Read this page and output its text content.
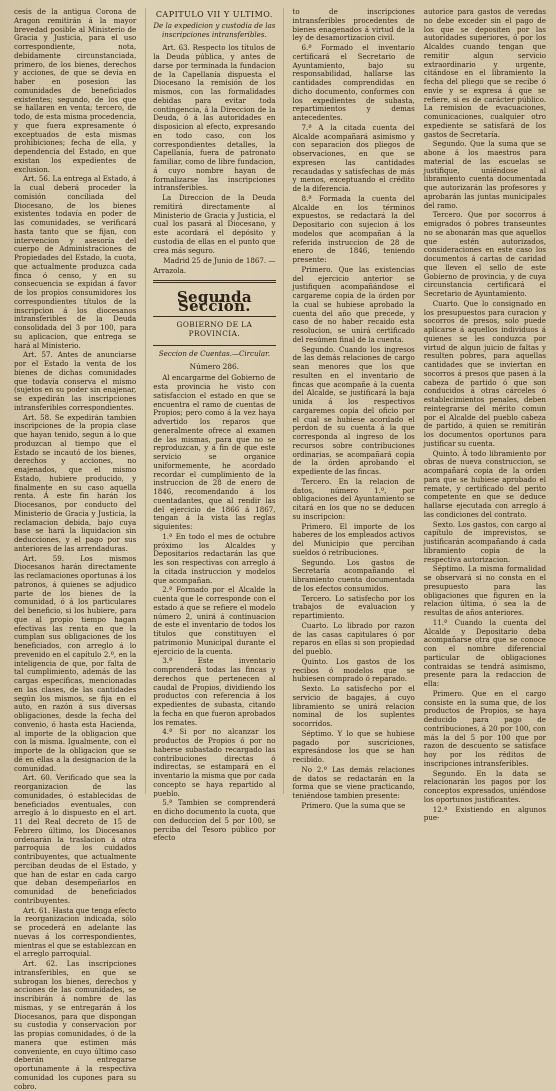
cesis de la antigua Corona de Aragon remitirán á la mayor brevedad posible al Ministerio de Gracia y Justicia, para el uso correspondiente, nota, debidamente circunstanciada, primero, de los bienes, derechos y acciones, de que se devia en haber en posesion las comunidades de beneficiados existentes; segundo, de los que se hallaren en venta; tercero, de todo, de esta misma procedencia, y que fuera expresamente ó exceptuados de esta mismas prohibiciones; fecha de ella, y dependencia del Estado, en que existan los expedientes de exclusion.

Art. 56. La entrega al Estado, á la cual deberá proceder la comisión conciliada del Diocesano, de los bienes existentes todavía en poder de las comunidades, se verificará hasta tanto que se fijan, con intervencion y asesoría del cuerpo de Administraciones de Propiedades del Estado, la cuota, que actualmente produzca cada finca ó censo, y en su consecuencia se expidan á favor de los propios consumidores los correspondientes títulos de la inscripcion á los diocesanos intransferibles de la Deuda consolidada del 3 por 100, para su aplicacion, que entrega se hará al Ministerio.

Art. 57. Antes de anunciarse por el Estado la venta de los bienes de dichas comunidades que todavía conserva el mismo (sujetos en su poder sin enajenar, se expedirán las inscripciones intransferibles correspondientes.

Art. 58. Se expedirán tambien inscripciones de la propia clase que hayan tenido, segun á lo que produzcan al tiempo que el Estado se incautó de los bienes, derechos y acciones, no enajenados, que el mismo Estado, hubiere producido, y finalmente en su caso aquella renta. Á este fin harán los Diocesanos, por conducto del Ministerio de Gracia y Justicia, la reclamacion debida, bajo cuya base se hará la liquidacion sin deducciones, y el pago por sus anteriores de las arrendaduras.

Art. 59. Los mismos Diocesanos harán directamente las reclamaciones oportunas á los patronos, á quienes se adjudico parte de los bienes de la comunidad, ó á los particulares del beneficio, si los hubiere, para que al propio tiempo hagan efectivas las renta en que la cumplan sus obligaciones de los beneficiados, con arreglo á lo prevenido en el capítulo 2.º, en la inteligencia de que, por falta de tal cumplimiento, además de las cargas especificas, mencionadas en las clases, de las cantidades según los mismos, se fija en el auto, en razón á sus diversas obligaciones, desde la fecha del convenio, ó hasta esta Hacienda, al importe de la obligacion que con la misma. Igualmente, con el importe de la obligacion que se dé en ellas a la designacion de la comunidad.

Art. 60. Verificado que sea la reorganizacion de las comunidades, ó establecidas de beneficiados eventuales, con arreglo á lo dispuesto en el art. 11 del Real decreto de 15 de Febrero último, los Diocesanos ordenarán la traslacion á otra parroquia de los cuidados contribuyentes, que actualmente perciban deudas de el Estado, y que han de estar en cada cargo que deban desempeñarlos en comunidad de beneficiados contribuyentes.

Art. 61. Hasta que tenga efecto la reorganizacion indicada, sólo se procederá en adelante las nuevas á los correspondientes, mientras el que se establezcan en el arreglo parroquial.

Art. 62. Las inscripciones intransferibles, en que se subrogan los bienes, derechos y acciones de las comunidades, se inscribirán á nombre de las mismas, y se entregarán á los Diocesanos, para que dispongan su custodia y conservacion por las propias comunidades, ó de la manera que estimen más conveniente, en cuyo último caso deberán entregarse oportunamente á la respectiva comunidad los cupones para su cobro.

CAPITULO VII Y ULTIMO.
De la expedicion y custodia de las inscripciones intransferibles.

Art. 63. Respecto los títulos de la Deuda pública, y antes de darse por terminada la fundacion de la Capellanía dispuesta el Diocesano la remisión de los mismos, con las formalidades debidas para evitar toda contingencia, á la Direccion de la Deuda, ó á las autoridades en disposicion al efecto, expresando en todo caso, con los correspondientes detalles, la Capellanía, fuera de patronato familiar, como de libre fundacion, á cuyo nombre hayan de formalizarse las inscripciones intransferibles.

La Direccion de la Deuda remitirá directamente al Ministerio de Gracia y Justicia, el cual los pasará al Diocesano, y este acordará el depósito y custodia de ellas en el punto que crea más seguro.

Madrid 25 de Junio de 1867. —
Arrazola.
Segunda Seccion.
GOBIERNO DE LA PROVINCIA.
Seccion de Cuentas.—Circular.
Número 286.

Al encargarme del Gobierno de esta provincia he visto con satisfaccion el estado en que se encuentra el ramo de cuentas de Propios; pero como á la vez haya advertido los reparos que generalmente ofrece al examen de las mismas, para que no se reproduzcan, y á fin de que este servicio se organice uniformemente, he acordado recordar el cumplimiento de la instruccion de 28 de enero de 1846, recomendando á los cuentadantes, que al rendir las del ejercicio de 1866 á 1867, tengan á la vista las reglas siguientes:

1.ª En todo el mes de octubre próximo los Alcaldes y Depositarios redactarán las que les son respectivas con arreglo á la citada instruccion y modelos que acompañan.

2.ª Formado por el Alcalde la cuenta que le corresponde con el estado á que se refiere el modelo número 2, unirá á continuacion de este el inventario de todos los títulos que constituyen el patrimonio Municipal durante el ejercicio de la cuenta.

3.ª Este inventario comprenderá todas las fincas y derechos que pertenecen al caudal de Propios, dividiendo los productos con referencia á los expedientes de subasta, citando la fecha en que fueron aprobados los remates.

4.ª Si por no alcanzar los productos de Propios ó por no haberse subastado recargado las contribuciones directas ó indirectas, se estampará en el inventario la misma que por cada concepto se haya repartido al pueblo.

5.ª Tambien se comprenderá en dicho documento la cuota, que con deduccion del 5 por 100, se perciba del Tesoro público por efecto

to de inscripciones intransferibles procedentes de bienes enagenados á virtud de la ley de desamortizacion civil.

6.ª Formado el inventario certificará el Secretario de Ayuntamiento, bajo su responsabilidad, hallarse las cantidades comprendidas en dicho documento, conformes con los expedientes de subasta, repartimientos y demas antecedentes.

7.ª A la citada cuenta del Alcalde acompañará asimismo y con separacion dos pliegos de observaciones, en que se expresen las cantidades recaudadas y satisfechas de más y menos, exceptuando el crédito de la diferencia.

8.ª Formada la cuenta del Alcalde en los términos expuestos, se redactará la del Depositario con sujecion á los modelos que acompañan á la referida instruccion de 28 de enero de 1846, teniendo presente:

Primero. Que las existencias del ejercicio anterior se justifiquen acompañándose el cargareme copia de la órden por la cual se hubiese aprobado la cuenta del año que precede, y caso de no haber recaido esta resolucion, se unirá certificado del resúmen final de la cuenta.

Segundo. Cuando los ingresos de las demás relaciones de cargo sean menores que los que resulten en el inventario de fincas que acompañe á la cuenta del Alcalde, se justificará la baja unida á los respectivos cargaremes copia del oficio por el cual se hubiese acordado el perdon de su cuenta á la que corresponda al ingreso de los recursos sobre contribuciones ordinarias, se acompañará copia de la órden aprobando el expediente de las fincas.

Tercero. En la relacion de datos, número 1.º, por obligaciones del Ayuntamiento se citará en los que no se deducen su inscripcion:

Primero. El importe de los haberes de los empleados activos del Municipio que perciban sueldos ó retribuciones.

Segundo. Los gastos de Secretaría acompañando el libramiento cuenta documentada de los efectos consumidos.

Tercero. Lo satisfecho por los trabajos de evaluacion y repartimiento.

Cuarto. Lo librado por razon de las casas capitulares ó por reparos en ellas si son propiedad del pueblo.

Quinto. Los gastos de los recibos ó modelos que se hubiesen comprado ó reparado.

Sexto. Lo satisfecho por el servicio de bagajes, á cuyo libramiento se unirá relacion nominal de los suplentes socorridos.

Séptimo. Y lo que se hubiese pagado por suscriciones, expresándose los que se han recibido.

No 2.º Las demás relaciones de datos se redactarán en la forma que se viene practicando, teniéndose tambien presente:

Primero. Que la suma que se

autorice para gastos de veredas no debe exceder sin el pago de los que se depositen por las autoridades superiores, ó por los Alcaldes cuando tengan que remitir algun servicio extraordinario y urgente, citándose en el libramiento la fecha del pliego que se recibe ó envie y se expresa á que se refiere, si es de carácter público. La remision de evacuaciones, comunicaciones, cualquier otro expediente se satisfará de los gastos de Secretaría.

Segundo. Que la suma que se abone á los maestros para material de las escuelas se justifique, uniéndose al libramiento cuenta documentada que autorizarán las profesores y aprobarán las juntas municipales del ramo.

Tercero. Que por socorros á emigrados ó pobres transeuntes no se abonarán mas que aquellos que estén autorizados, consideraciones en este caso los documentos á cartas de caridad que lleven el sello de este Gobierno de provincia, y de cuya circunstancia certificará el Secretario de Ayuntamiento.

Cuarto. Que lo consignado en los presupuestos para curacion y socorros de presos, solo puede aplicarse á aquellos individuos á quienes se les conduzca por virtud de algun juicio de faltas y resulten pobres, para aquellas cantidades que se inviertan en socorros á presos que pasen á la cabeza de partido ó que son conducidos á otras cárceles ó establecimientos penales, deben reintegrarse del mérito comun por el Alcalde del pueblo cabeza de partido, á quien se remitirán los documentos oportunos para justificar su cuenta.

Quinto. Á todo libramiento por obras de nueva construccion, se acompañará copia de la orden para que se hubiese aprobado el remate, y certificado del perito competente en que se deduce hallarse ejecutada con arreglo á las condiciones del contrato.

Sexto. Los gastos, con cargo al capítulo de imprevistos, se justificarán acompañando á cada libramiento copia de la respectiva autorizacion.

Séptimo. La misma formalidad se observará si no consta en el presupuesto para las obligaciones que figuren en la relacion última, ó sea la de resultas de años anteriores.

11.ª Cuando la cuenta del Alcalde y Depositario deba acompañarse otra que se conoce con el nombre diferencial particular de obligaciones contraidas se tendrá asimismo, presente para la redaccion de ella:

Primero. Que en el cargo consiste en la suma que, de los productos de Propios, se haya deducido para pago de contribuciones, á 20 por 100, con más la del 5 por 100 que por razon de descuento se satisface hoy por los réditos de inscripciones intransferibles.

Segundo. En la data se relacionarán los pagos por los conceptos expresados, uniéndose los oportunos justificantes.

12.ª Existiendo en algunos pue-
